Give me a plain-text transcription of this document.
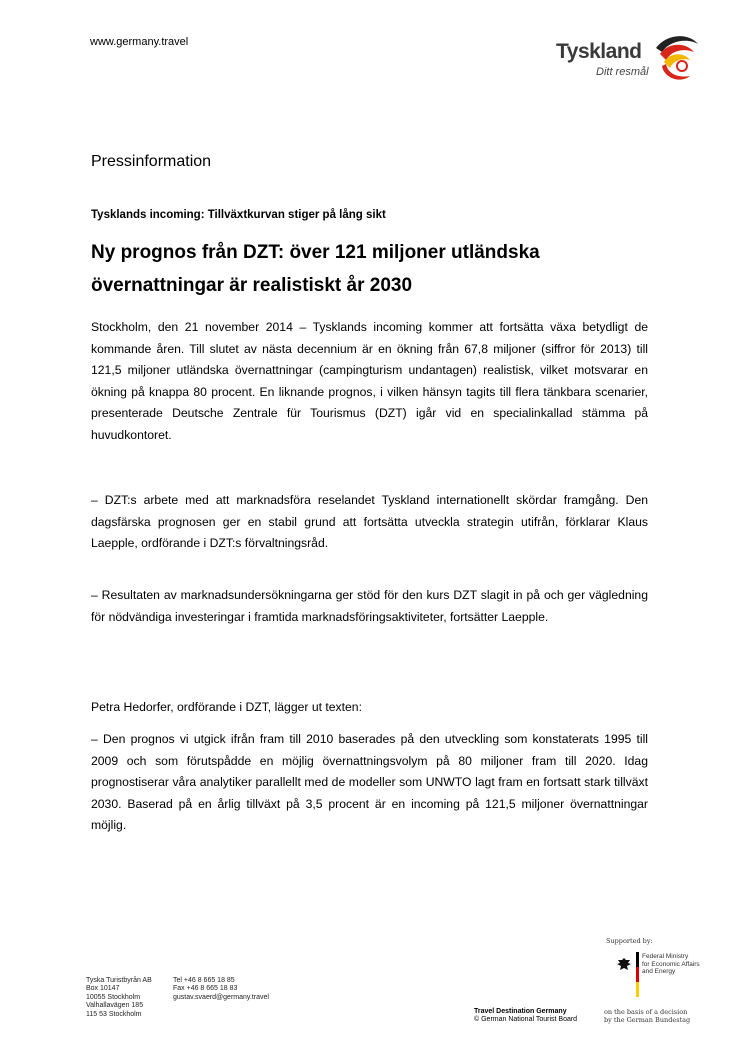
www.germany.travel	Tyskland
Ditt resmål
Pressinformation
Tysklands incoming: Tillväxtkurvan stiger på lång sikt
Ny prognos från DZT: över 121 miljoner utländska övernattningar är realistiskt år 2030
Stockholm, den 21 november 2014 – Tysklands incoming kommer att fortsätta växa betydligt de kommande åren. Till slutet av nästa decennium är en ökning från 67,8 miljoner (siffror för 2013) till 121,5 miljoner utländska övernattningar (campingturism undantagen) realistisk, vilket motsvarar en ökning på knappa 80 procent. En liknande prognos, i vilken hänsyn tagits till flera tänkbara scenarier, presenterade Deutsche Zentrale für Tourismus (DZT) igår vid en specialinkallad stämma på huvudkontoret.
– DZT:s arbete med att marknadsföra reselandet Tyskland internationellt skördar framgång. Den dagsfärska prognosen ger en stabil grund att fortsätta utveckla strategin utifrån, förklarar Klaus Laepple, ordförande i DZT:s förvaltningsråd.
– Resultaten av marknadsundersökningarna ger stöd för den kurs DZT slagit in på och ger vägledning för nödvändiga investeringar i framtida marknadsföringsaktiviteter, fortsätter Laepple.
Petra Hedorfer, ordförande i DZT, lägger ut texten:
– Den prognos vi utgick ifrån fram till 2010 baserades på den utveckling som konstaterats 1995 till 2009 och som förutspådde en möjlig övernattningsvolym på 80 miljoner fram till 2020. Idag prognostiserar våra analytiker parallellt med de modeller som UNWTO lagt fram en fortsatt stark tillväxt 2030. Baserad på en årlig tillväxt på 3,5 procent är en incoming på 121,5 miljoner övernattningar möjlig.
Tyska Turistbyrån AB
Box 10147
10055 Stockholm
Valhallavägen 185
115 53 Stockholm
Tel +46 8 665 18 85
Fax +46 8 665 18 83
gustav.svaerd@germany.travel
Travel Destination Germany
© German National Tourist Board
Supported by:
Federal Ministry
for Economic Affairs
and Energy
on the basis of a decision
by the German Bundestag
